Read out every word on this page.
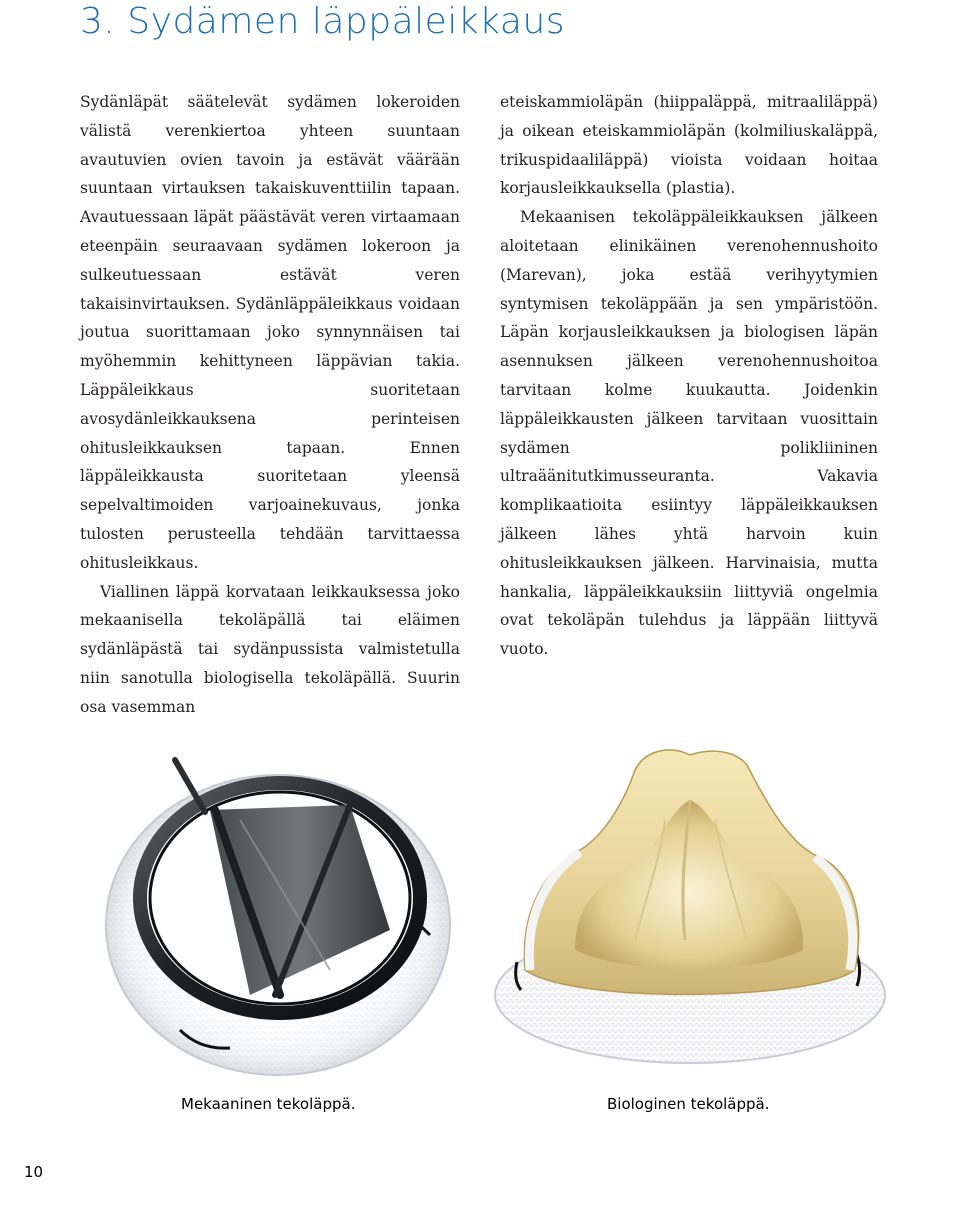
3. Sydämen läppäleikkaus

Sydänläpät säätelevät sydämen lokeroiden välistä verenkiertoa yhteen suuntaan avautuvien ovien tavoin ja estävät väärään suuntaan virtauksen takaiskuventtiilin tapaan. Avautuessaan läpät päästävät veren virtaamaan eteenpäin seuraavaan sydämen lokeroon ja sulkeutuessaan estävät veren takaisinvirtauksen. Sydänläppäleikkaus voidaan joutua suorittamaan joko synnynnäisen tai myöhemmin kehittyneen läppävian takia. Läppäleikkaus suoritetaan avosydänleikkauksena perinteisen ohitusleikkauksen tapaan. Ennen läppäleikkausta suoritetaan yleensä sepelvaltimoiden varjoainekuvaus, jonka tulosten perusteella tehdään tarvittaessa ohitusleikkaus.

Viallinen läppä korvataan leikkauksessa joko mekaanisella tekoläpällä tai eläimen sydänläpästä tai sydänpussista valmistetulla niin sanotulla biologisella tekoläpällä. Suurin osa vasemman

eteiskammioläpän (hiippaläppä, mitraaliläppä) ja oikean eteiskammioläpän (kolmiliuskaläppä, trikuspidaaliläppä) vioista voidaan hoitaa korjausleikkauksella (plastia).

Mekaanisen tekoläppäleikkauksen jälkeen aloitetaan elinikäinen verenohennushoito (Marevan), joka estää verihyytymien syntymisen tekoläppään ja sen ympäristöön. Läpän korjausleikkauksen ja biologisen läpän asennuksen jälkeen verenohennushoitoa tarvitaan kolme kuukautta. Joidenkin läppäleikkausten jälkeen tarvitaan vuosittain sydämen polikliininen ultraäänitutkimusseuranta. Vakavia komplikaatioita esiintyy läppäleikkauksen jälkeen lähes yhtä harvoin kuin ohitusleikkauksen jälkeen. Harvinaisia, mutta hankalia, läppäleikkauksiin liittyviä ongelmia ovat tekoläpän tulehdus ja läppään liittyvä vuoto.

Mekaaninen tekoläppä.	Biologinen tekoläppä.
10
